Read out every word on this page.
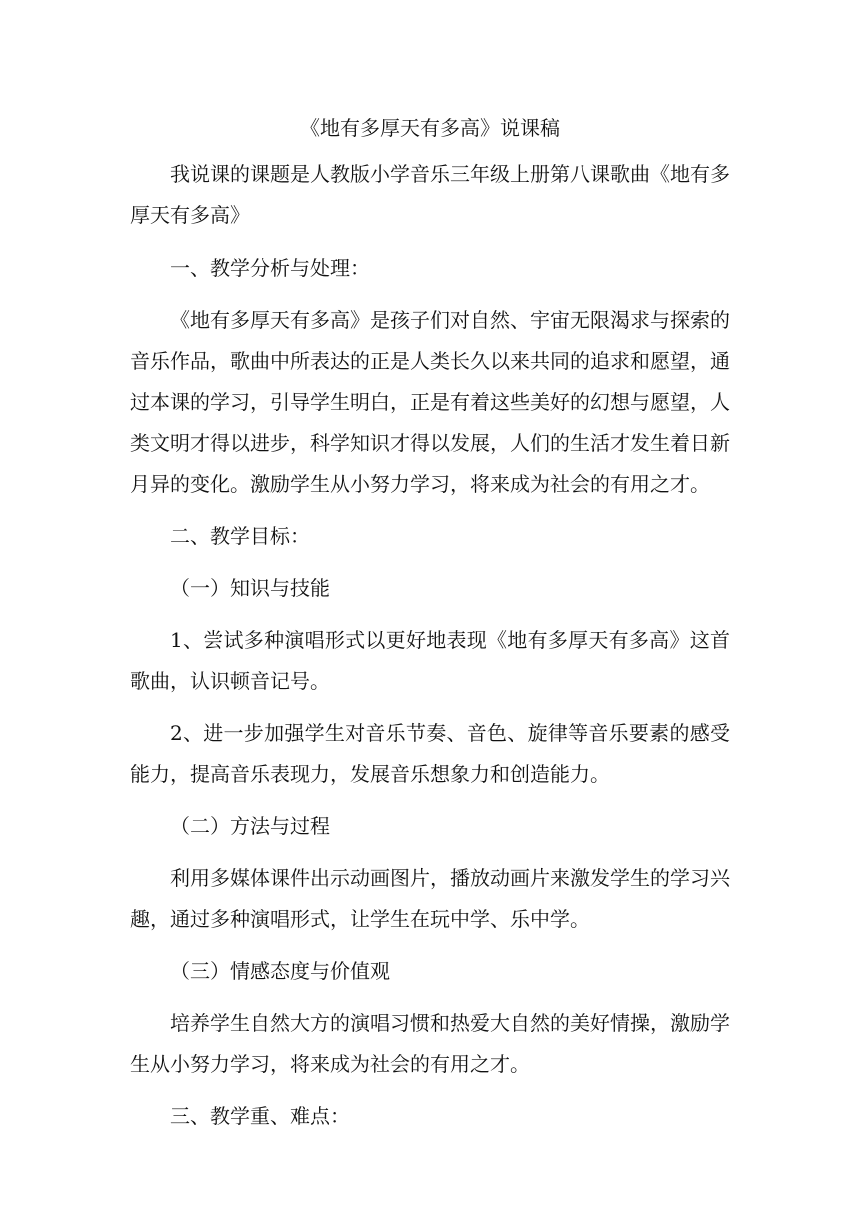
《地有多厚天有多高》说课稿

我说课的课题是人教版小学音乐三年级上册第八课歌曲《地有多厚天有多高》

一、教学分析与处理：

《地有多厚天有多高》是孩子们对自然、宇宙无限渴求与探索的音乐作品，歌曲中所表达的正是人类长久以来共同的追求和愿望，通过本课的学习，引导学生明白，正是有着这些美好的幻想与愿望，人类文明才得以进步，科学知识才得以发展，人们的生活才发生着日新月异的变化。激励学生从小努力学习，将来成为社会的有用之才。

二、教学目标：

（一）知识与技能

1、尝试多种演唱形式以更好地表现《地有多厚天有多高》这首歌曲，认识顿音记号。

2、进一步加强学生对音乐节奏、音色、旋律等音乐要素的感受能力，提高音乐表现力，发展音乐想象力和创造能力。

（二）方法与过程

利用多媒体课件出示动画图片，播放动画片来激发学生的学习兴趣，通过多种演唱形式，让学生在玩中学、乐中学。

（三）情感态度与价值观

培养学生自然大方的演唱习惯和热爱大自然的美好情操，激励学生从小努力学习，将来成为社会的有用之才。

三、教学重、难点：
